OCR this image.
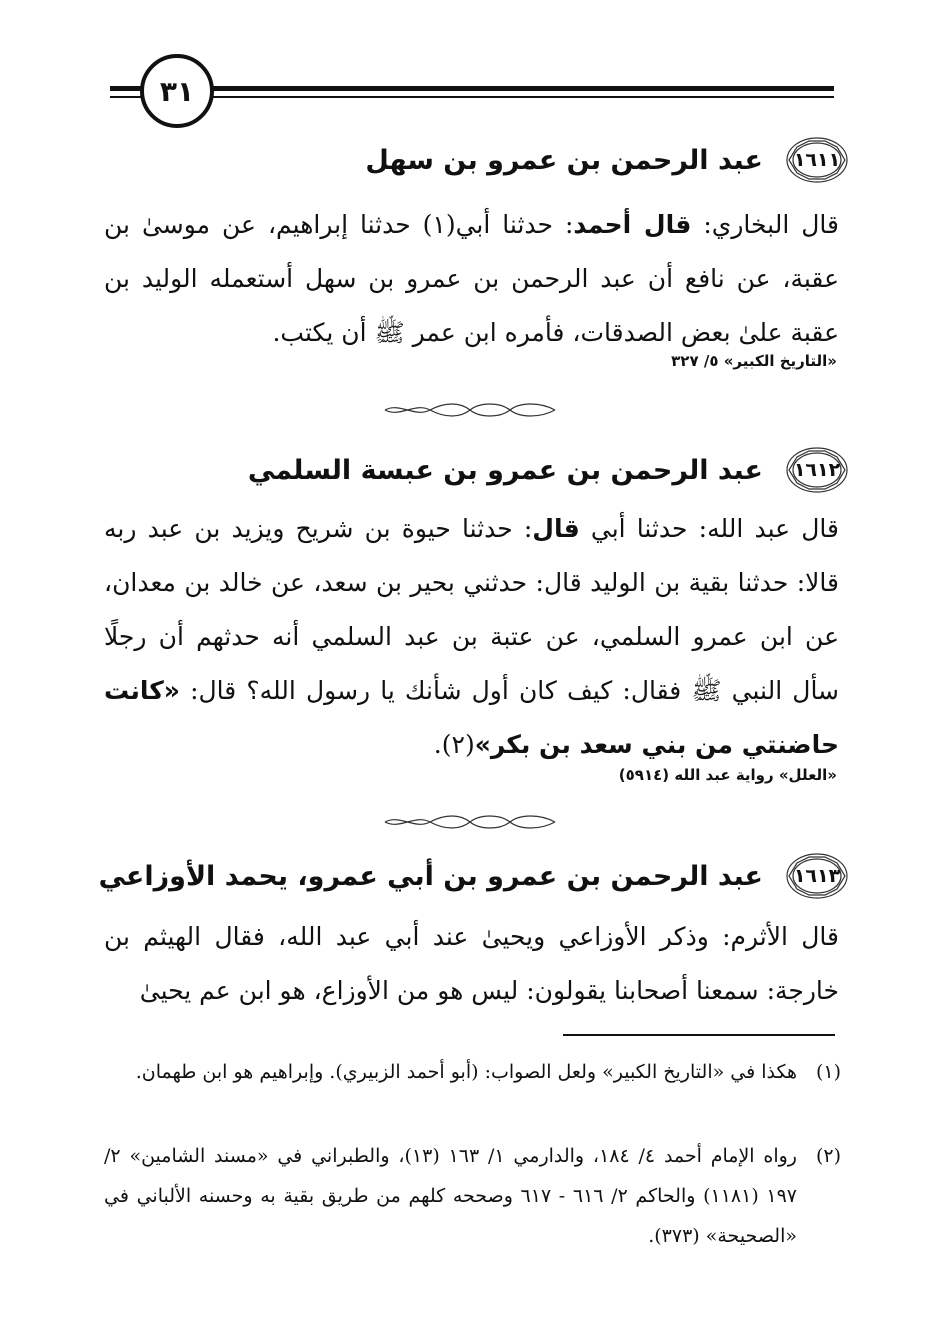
٣١
١٦١١
عبد الرحمن بن عمرو بن سهل
قال البخاري: قال أحمد: حدثنا أبي(١) حدثنا إبراهيم، عن موسىٰ بن عقبة، عن نافع أن عبد الرحمن بن عمرو بن سهل أستعمله الوليد بن عقبة علىٰ بعض الصدقات، فأمره ابن عمر ﷺ أن يكتب.
«التاريخ الكبير» ٥/ ٣٢٧
١٦١٢
عبد الرحمن بن عمرو بن عبسة السلمي
قال عبد الله: حدثنا أبي قال: حدثنا حيوة بن شريح ويزيد بن عبد ربه قالا: حدثنا بقية بن الوليد قال: حدثني بحير بن سعد، عن خالد بن معدان، عن ابن عمرو السلمي، عن عتبة بن عبد السلمي أنه حدثهم أن رجلًا سأل النبي ﷺ فقال: كيف كان أول شأنك يا رسول الله؟ قال: «كانت حاضنتي من بني سعد بن بكر»(٢).
«العلل» رواية عبد الله (٥٩١٤)
١٦١٣
عبد الرحمن بن عمرو بن أبي عمرو، يحمد الأوزاعي
قال الأثرم: وذكر الأوزاعي ويحيىٰ عند أبي عبد الله، فقال الهيثم بن خارجة: سمعنا أصحابنا يقولون: ليس هو من الأوزاع، هو ابن عم يحيىٰ
(١)
هكذا في «التاريخ الكبير» ولعل الصواب: (أبو أحمد الزبيري). وإبراهيم هو ابن طهمان.
(٢)
رواه الإمام أحمد ٤/ ١٨٤، والدارمي ١/ ١٦٣ (١٣)، والطبراني في «مسند الشامين» ٢/ ١٩٧ (١١٨١) والحاكم ٢/ ٦١٦ - ٦١٧ وصححه كلهم من طريق بقية به وحسنه الألباني في «الصحيحة» (٣٧٣).
